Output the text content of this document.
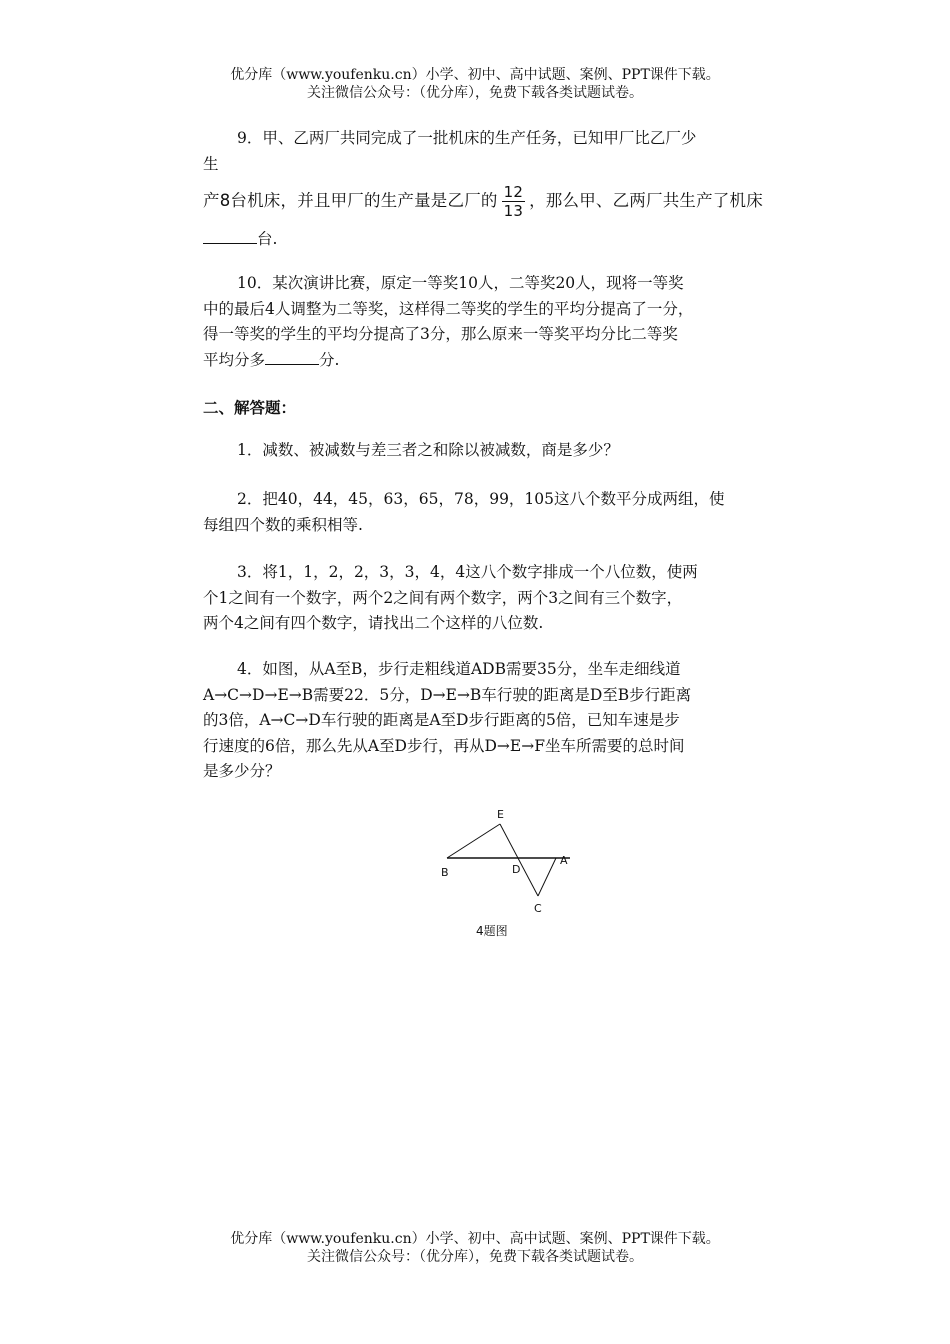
优分库（www.youfenku.cn）小学、初中、高中试题、案例、PPT课件下载。
关注微信公众号：（优分库），免费下载各类试题试卷。
9．甲、乙两厂共同完成了一批机床的生产任务，已知甲厂比乙厂少
生
产8台机床，并且甲厂的生产量是乙厂的 $\frac{12}{13}$ ，那么甲、乙两厂共生产了机床
台.
10．某次演讲比赛，原定一等奖10人，二等奖20人，现将一等奖
中的最后4人调整为二等奖，这样得二等奖的学生的平均分提高了一分，
得一等奖的学生的平均分提高了3分，那么原来一等奖平均分比二等奖
平均分多	分.
二、解答题：
1．减数、被减数与差三者之和除以被减数，商是多少？
2．把40，44，45，63，65，78，99，105这八个数平分成两组，使
每组四个数的乘积相等.
3．将1，1，2，2，3，3，4，4这八个数字排成一个八位数，使两
个1之间有一个数字，两个2之间有两个数字，两个3之间有三个数字，
两个4之间有四个数字，请找出二个这样的八位数.
4．如图，从A至B，步行走粗线道ADB需要35分，坐车走细线道
A→C→D→E→B需要22．5分，D→E→B车行驶的距离是D至B步行距离
的3倍，A→C→D车行驶的距离是A至D步行距离的5倍，已知车速是步
行速度的6倍，那么先从A至D步行，再从D→E→F坐车所需要的总时间
是多少分？
E
B	D
A
C
4题图
优分库（www.youfenku.cn）小学、初中、高中试题、案例、PPT课件下载。
关注微信公众号：（优分库），免费下载各类试题试卷。
